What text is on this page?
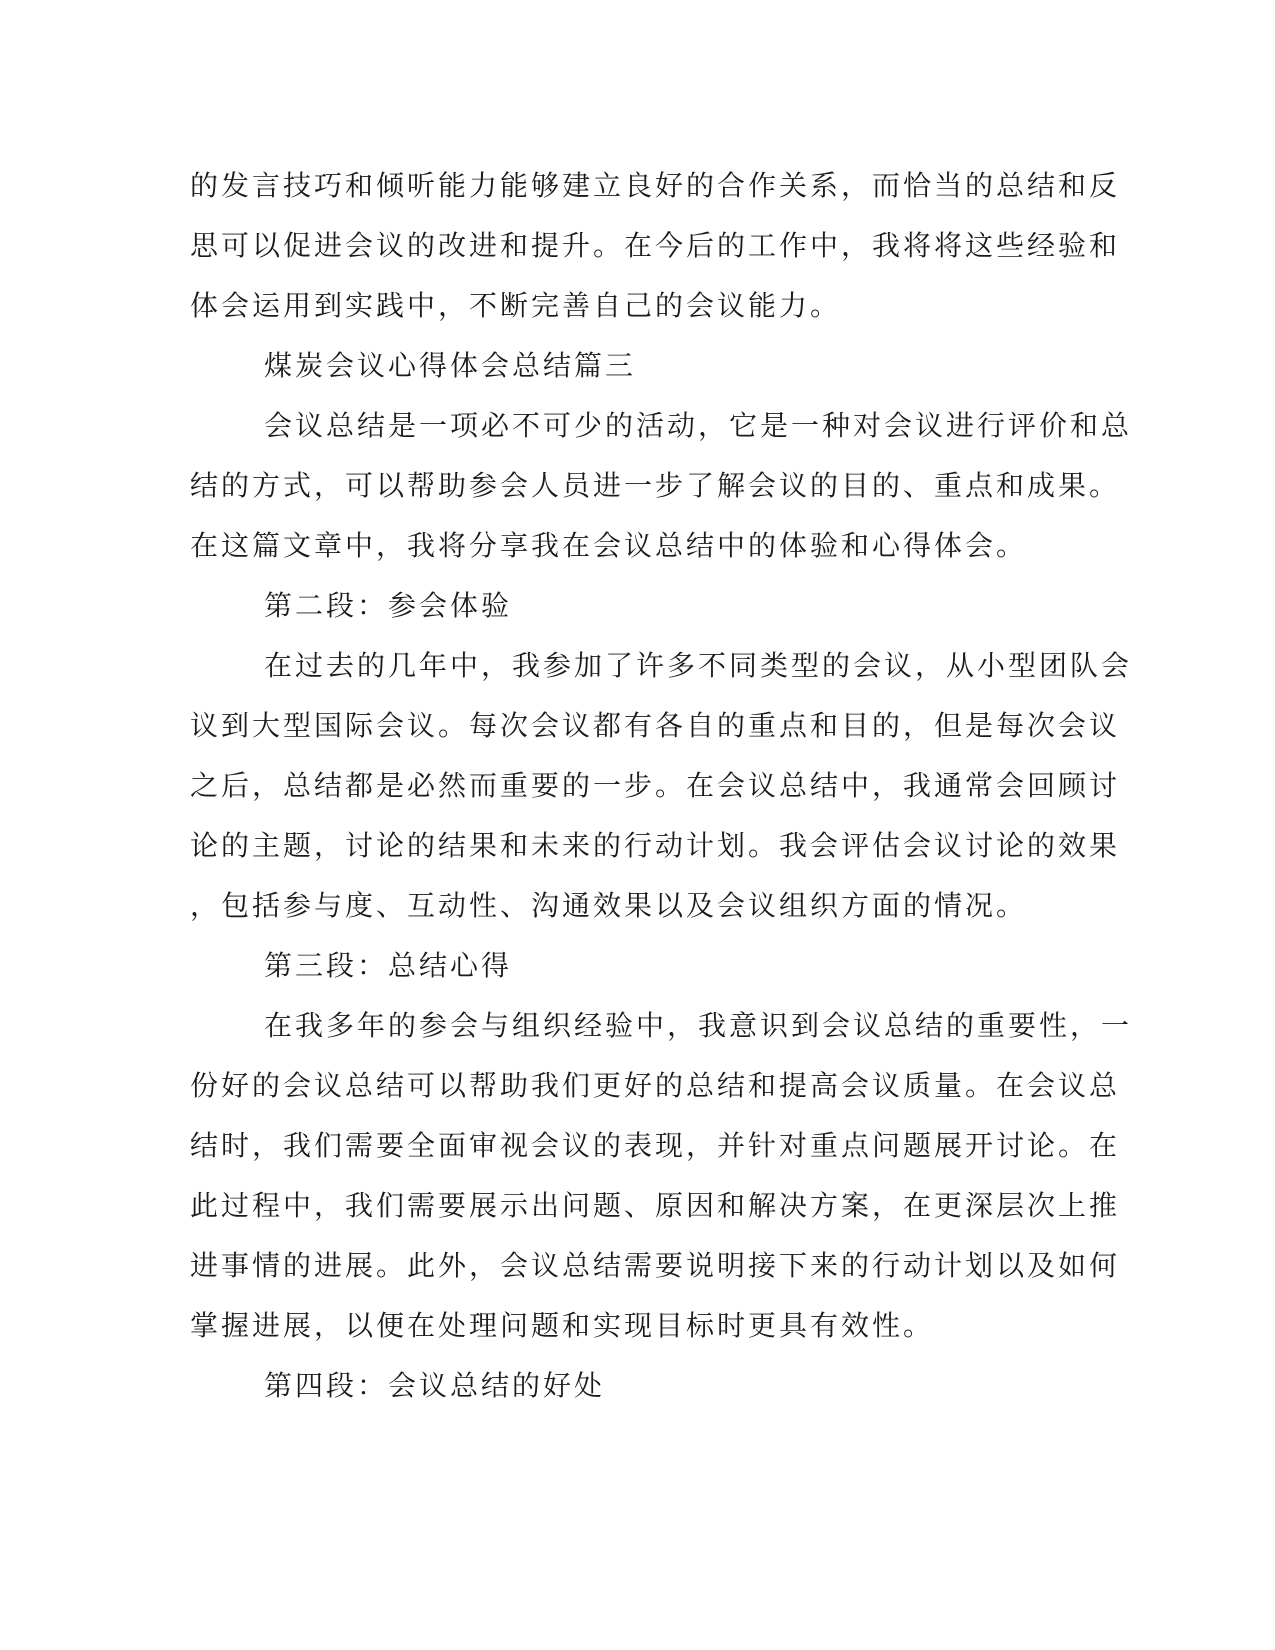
的发言技巧和倾听能力能够建立良好的合作关系，而恰当的总结和反
思可以促进会议的改进和提升。在今后的工作中，我将将这些经验和
体会运用到实践中，不断完善自己的会议能力。
煤炭会议心得体会总结篇三
会议总结是一项必不可少的活动，它是一种对会议进行评价和总
结的方式，可以帮助参会人员进一步了解会议的目的、重点和成果。
在这篇文章中，我将分享我在会议总结中的体验和心得体会。
第二段：参会体验
在过去的几年中，我参加了许多不同类型的会议，从小型团队会
议到大型国际会议。每次会议都有各自的重点和目的，但是每次会议
之后，总结都是必然而重要的一步。在会议总结中，我通常会回顾讨
论的主题，讨论的结果和未来的行动计划。我会评估会议讨论的效果
，包括参与度、互动性、沟通效果以及会议组织方面的情况。
第三段：总结心得
在我多年的参会与组织经验中，我意识到会议总结的重要性，一
份好的会议总结可以帮助我们更好的总结和提高会议质量。在会议总
结时，我们需要全面审视会议的表现，并针对重点问题展开讨论。在
此过程中，我们需要展示出问题、原因和解决方案，在更深层次上推
进事情的进展。此外，会议总结需要说明接下来的行动计划以及如何
掌握进展，以便在处理问题和实现目标时更具有效性。
第四段：会议总结的好处
